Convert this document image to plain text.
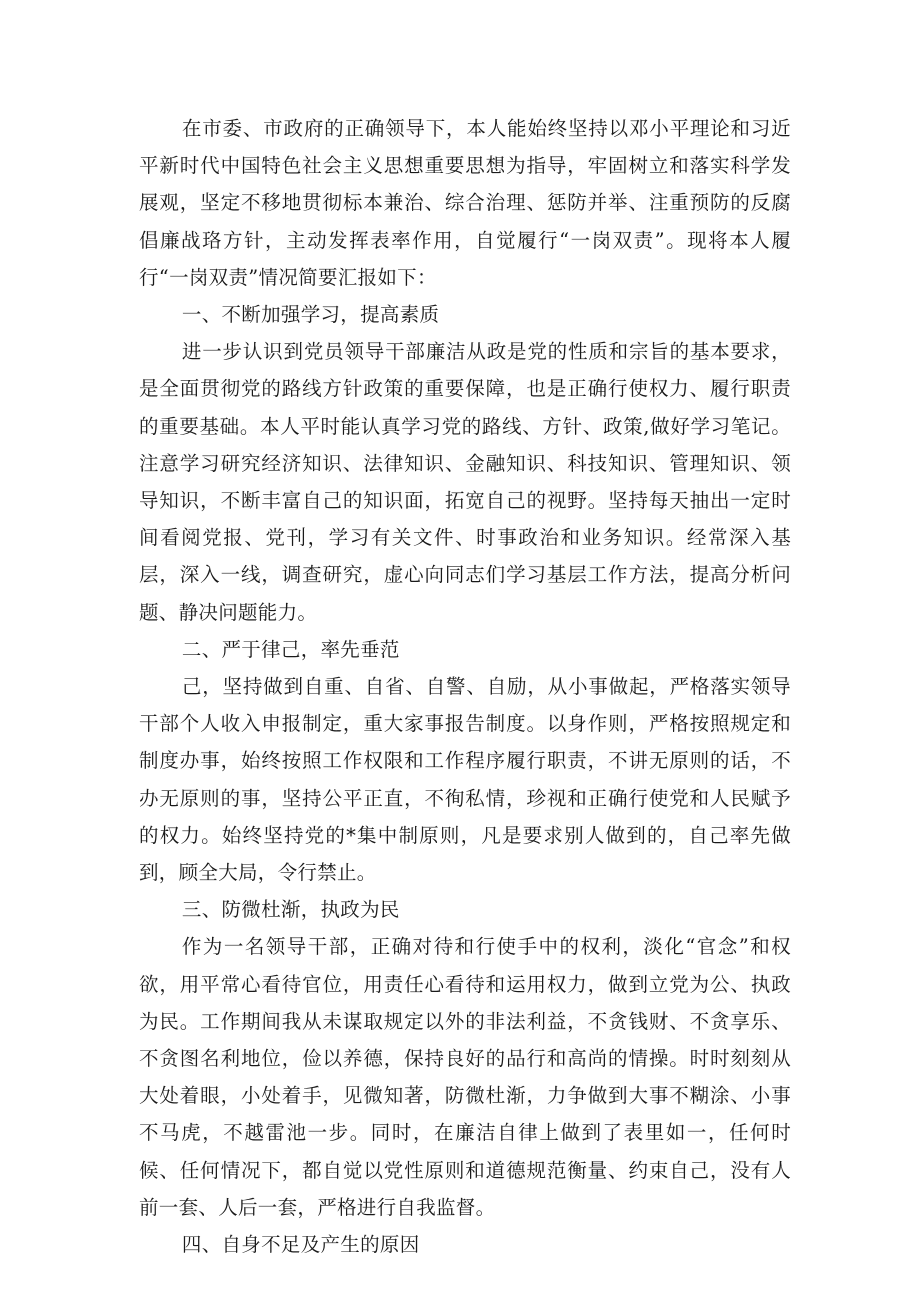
在市委、市政府的正确领导下，本人能始终坚持以邓小平理论和习近平新时代中国特色社会主义思想重要思想为指导，牢固树立和落实科学发展观，坚定不移地贯彻标本兼治、综合治理、惩防并举、注重预防的反腐倡廉战珞方针，主动发挥表率作用，自觉履行“一岗双责”。现将本人履行“一岗双责”情况简要汇报如下：

一、不断加强学习，提高素质

进一步认识到党员领导干部廉洁从政是党的性质和宗旨的基本要求，是全面贯彻党的路线方针政策的重要保障，也是正确行使权力、履行职责的重要基础。本人平时能认真学习党的路线、方针、政策,做好学习笔记。注意学习研究经济知识、法律知识、金融知识、科技知识、管理知识、领导知识，不断丰富自己的知识面，拓宽自己的视野。坚持每天抽出一定时间看阅党报、党刊，学习有关文件、时事政治和业务知识。经常深入基层，深入一线，调查研究，虚心向同志们学习基层工作方法，提高分析问题、静决问题能力。

二、严于律己，率先垂范

己，坚持做到自重、自省、自警、自励，从小事做起，严格落实领导干部个人收入申报制定，重大家事报告制度。以身作则，严格按照规定和制度办事，始终按照工作权限和工作程序履行职责，不讲无原则的话，不办无原则的事，坚持公平正直，不徇私情，珍视和正确行使党和人民赋予的权力。始终坚持党的*集中制原则，凡是要求别人做到的，自己率先做到，顾全大局，令行禁止。

三、防微杜渐，执政为民

作为一名领导干部，正确对待和行使手中的权利，淡化“官念”和权欲，用平常心看待官位，用责任心看待和运用权力，做到立党为公、执政为民。工作期间我从未谋取规定以外的非法利益，不贪钱财、不贪享乐、不贪图名利地位，俭以养德，保持良好的品行和高尚的情操。时时刻刻从大处着眼，小处着手，见微知著，防微杜渐，力争做到大事不糊涂、小事不马虎，不越雷池一步。同时，在廉洁自律上做到了表里如一，任何时候、任何情况下，都自觉以党性原则和道德规范衡量、约束自己，没有人前一套、人后一套，严格进行自我监督。

四、自身不足及产生的原因
